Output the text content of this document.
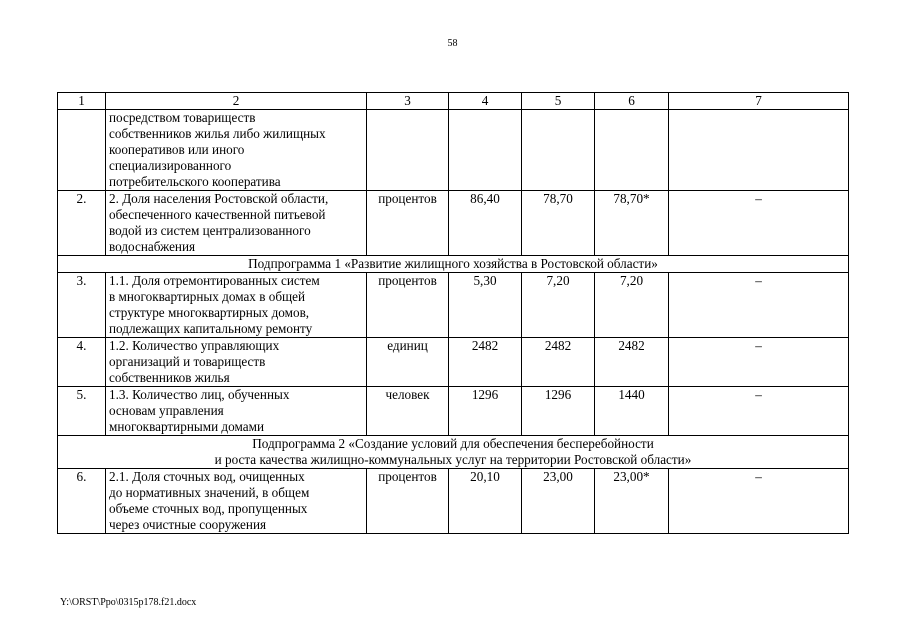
58
1	2	3	4	5	6	7

	посредством товариществ
собственников жилья либо жилищных
кооперативов или иного
специализированного
потребительского кооператива					

2.	2. Доля населения Ростовской области,
обеспеченного качественной питьевой
водой из систем централизованного
водоснабжения	процентов	86,40	78,70	78,70*	–

Подпрограмма 1 «Развитие жилищного хозяйства в Ростовской области»						

3.	1.1. Доля отремонтированных систем
в многоквартирных домах в общей
структуре многоквартирных домов,
подлежащих капитальному ремонту	процентов	5,30	7,20	7,20	–
4.	1.2. Количество управляющих
организаций и товариществ
собственников жилья	единиц	2482	2482	2482	–
5.	1.3. Количество лиц, обученных
основам управления
многоквартирными домами	человек	1296	1296	1440	–

Подпрограмма 2 «Создание условий для обеспечения бесперебойности
и роста качества жилищно-коммунальных услуг на территории Ростовской области»						

6.	2.1. Доля сточных вод, очищенных
до нормативных значений, в общем
объеме сточных вод, пропущенных
через очистные сооружения	процентов	20,10	23,00	23,00*	–
Y:\ORST\Ppo\0315p178.f21.docx
